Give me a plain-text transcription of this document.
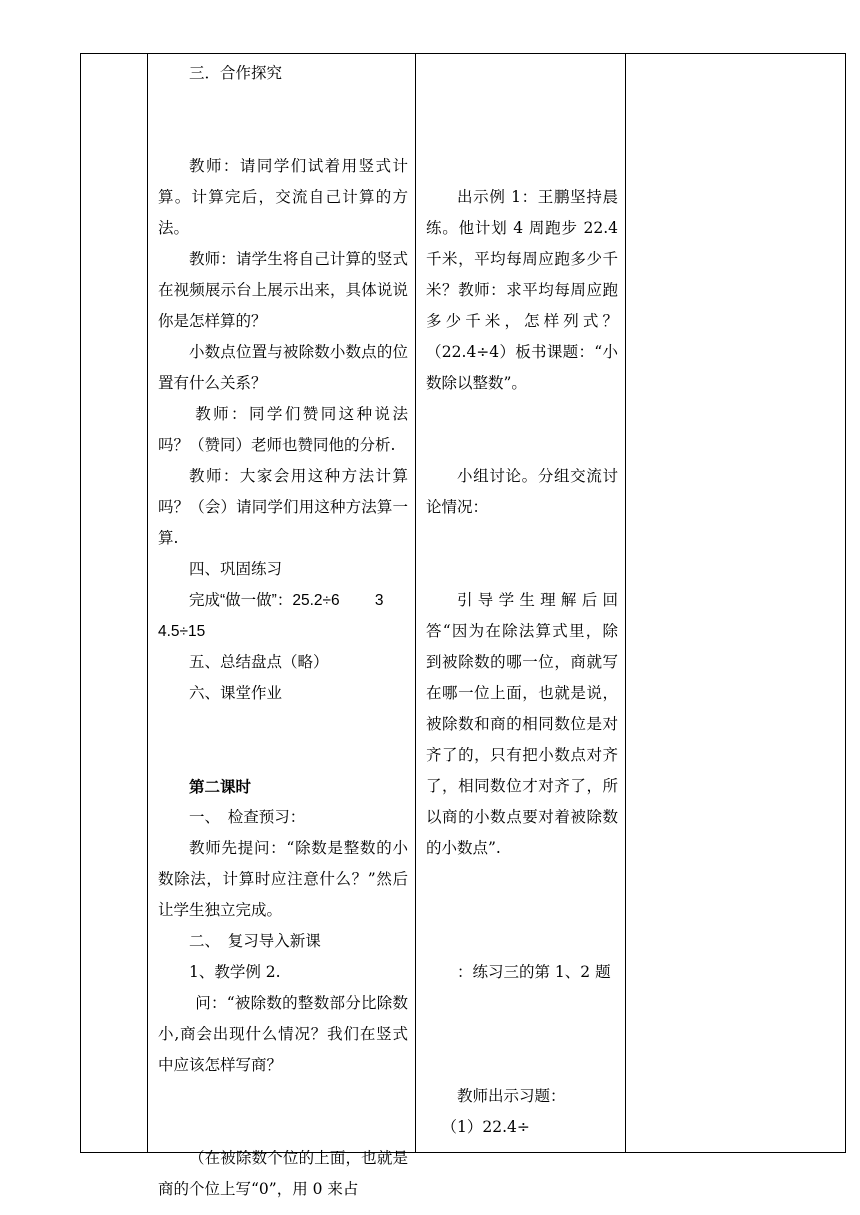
三．合作探究

教师：请同学们试着用竖式计算。计算完后，交流自己计算的方法。

教师：请学生将自己计算的竖式在视频展示台上展示出来，具体说说你是怎样算的？

小数点位置与被除数小数点的位置有什么关系？

教师：同学们赞同这种说法吗？（赞同）老师也赞同他的分析.

教师：大家会用这种方法计算吗？（会）请同学们用这种方法算一算.

四、巩固练习

完成“做一做”：25.2÷6　　 3

4.5÷15

五、总结盘点（略）

六、课堂作业

第二课时

一、　检查预习：

教师先提问：“除数是整数的小数除法，计算时应注意什么？”然后让学生独立完成。

二、　复习导入新课

1、教学例 2.

问：“被除数的整数部分比除数小,商会出现什么情况？我们在竖式中应该怎样写商？

（在被除数个位的上面，也就是商的个位上写“0”，用 0 来占

出示例 1：王鹏坚持晨练。他计划 4 周跑步 22.4 千米，平均每周应跑多少千米？教师：求平均每周应跑多少千米，怎样列式？（22.4÷4）板书课题：“小数除以整数”。

小组讨论。分组交流讨论情况：

引导学生理解后回答“因为在除法算式里，除到被除数的哪一位，商就写在哪一位上面，也就是说，被除数和商的相同数位是对齐了的，只有把小数点对齐了，相同数位才对齐了，所以商的小数点要对着被除数的小数点”.

：练习三的第 1、2 题

教师出示习题：

（1）22.4÷
